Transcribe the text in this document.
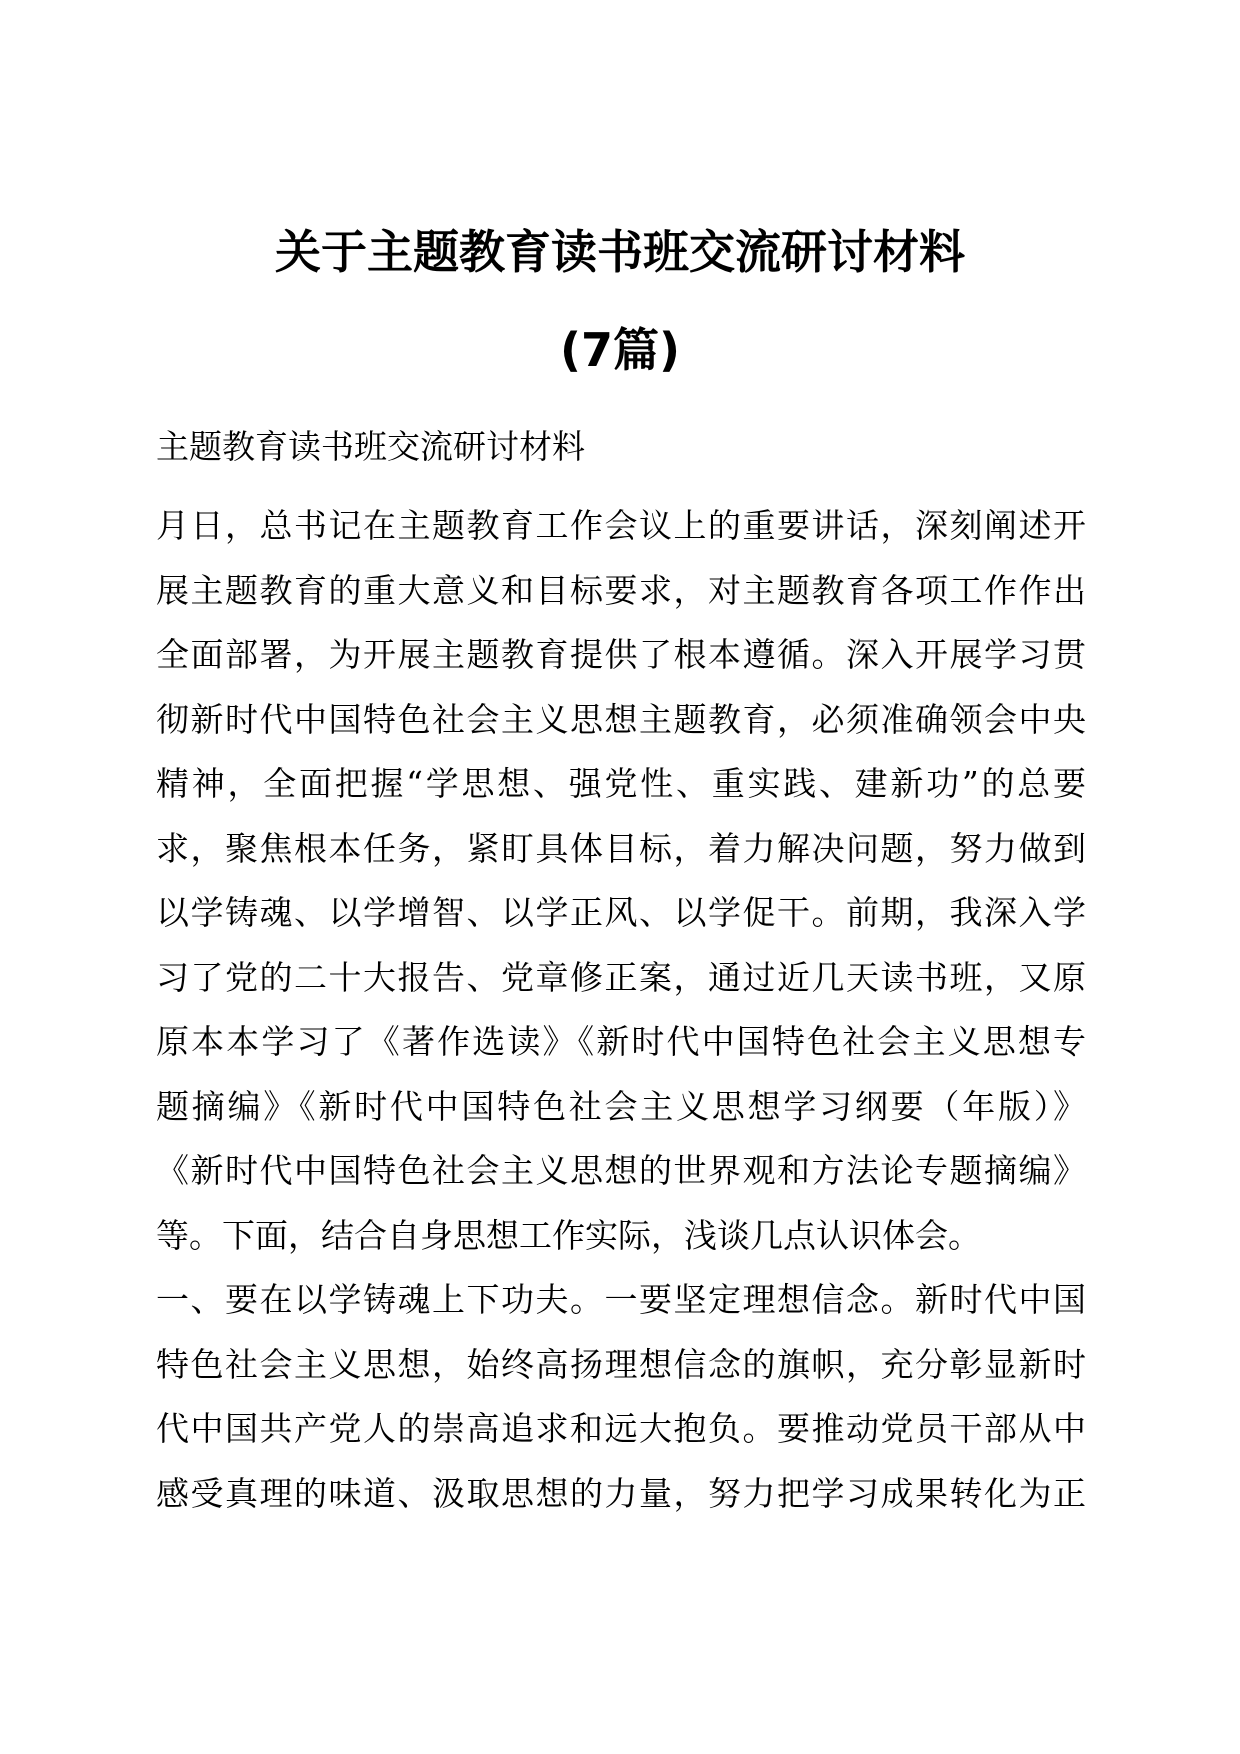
关于主题教育读书班交流研讨材料
(7篇)

主题教育读书班交流研讨材料

月日，总书记在主题教育工作会议上的重要讲话，深刻阐述开
展主题教育的重大意义和目标要求，对主题教育各项工作作出
全面部署，为开展主题教育提供了根本遵循。深入开展学习贯
彻新时代中国特色社会主义思想主题教育，必须准确领会中央
精神，全面把握“学思想、强党性、重实践、建新功”的总要
求，聚焦根本任务，紧盯具体目标，着力解决问题，努力做到
以学铸魂、以学增智、以学正风、以学促干。前期，我深入学
习了党的二十大报告、党章修正案，通过近几天读书班，又原
原本本学习了《著作选读》《新时代中国特色社会主义思想专
题摘编》《新时代中国特色社会主义思想学习纲要（年版）》
《新时代中国特色社会主义思想的世界观和方法论专题摘编》
等。下面，结合自身思想工作实际，浅谈几点认识体会。
一、要在以学铸魂上下功夫。一要坚定理想信念。新时代中国
特色社会主义思想，始终高扬理想信念的旗帜，充分彰显新时
代中国共产党人的崇高追求和远大抱负。要推动党员干部从中
感受真理的味道、汲取思想的力量，努力把学习成果转化为正
